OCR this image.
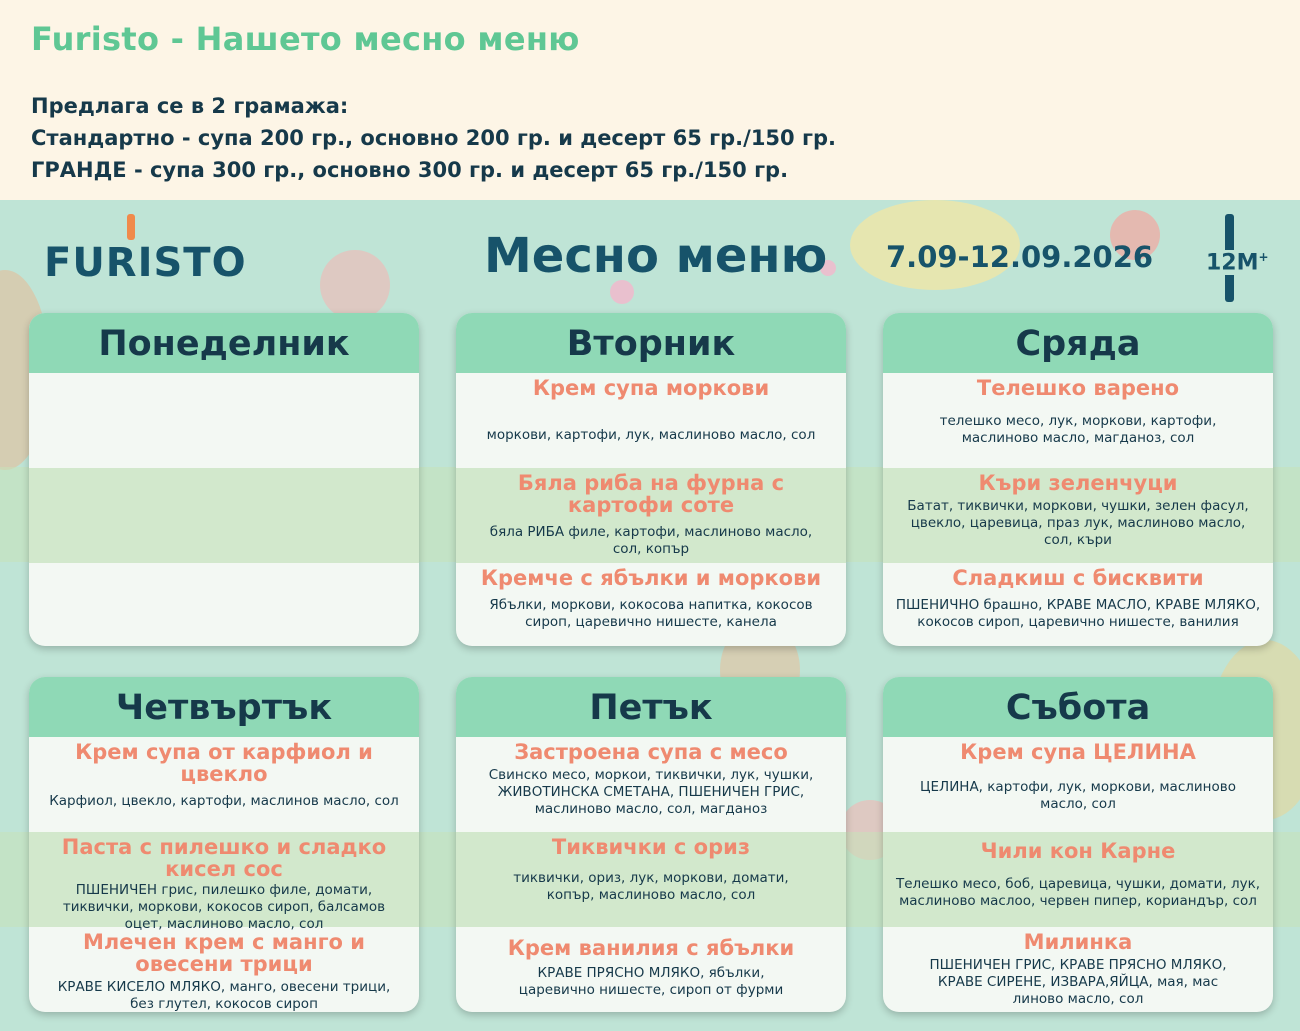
Furisto - Нашето месно меню
Предлага се в 2 грамажа:
Стандартно - супа 200 гр., основно 200 гр. и десерт 65 гр./150 гр.
ГРАНДЕ - супа 300 гр., основно 300 гр. и десерт 65 гр./150 гр.
FURISTO	Месно меню 7.09-12.09.2026 12M+
Понеделник	Вторник
Крем супа моркови
моркови, картофи, лук, маслиново масло, сол
Бяла риба на фурна с картофи соте
бяла РИБА филе, картофи, маслиново масло, сол, копър
Кремче с ябълки и моркови
Ябълки, моркови, кокосова напитка, кокосов сироп, царевично нишесте, канела
Сряда
Телешко варено
телешко месо, лук, моркови, картофи, маслиново масло, магданоз, сол
Къри зеленчуци
Батат, тиквички, моркови, чушки, зелен фасул, цвекло, царевица, праз лук, маслиново масло, сол, къри
Сладкиш с бисквити
ПШЕНИЧНО брашно, КРАВЕ МАСЛО, КРАВЕ МЛЯКО, кокосов сироп, царевично нишесте, ванилия
Четвъртък
Крем супа от карфиол и цвекло
Карфиол, цвекло, картофи, маслинов масло, сол
Паста с пилешко и сладко кисел сос
ПШЕНИЧЕН грис, пилешко филе, домати, тиквички, моркови, кокосов сироп, балсамов оцет, маслиново масло, сол
Млечен крем с манго и овесени трици
КРАВЕ КИСЕЛО МЛЯКО, манго, овесени трици, без глутел, кокосов сироп
Петък
Застроена супа с месо
Свинско месо, моркои, тиквички, лук, чушки, ЖИВОТИНСКА СМЕТАНА, ПШЕНИЧЕН ГРИС, маслиново масло, сол, магданоз
Тиквички с ориз
тиквички, ориз, лук, моркови, домати, копър, маслиново масло, сол
Крем ванилия с ябълки
КРАВЕ ПРЯСНО МЛЯКО, ябълки, царевично нишесте, сироп от фурми
Събота
Крем супа ЦЕЛИНА
ЦЕЛИНА, картофи, лук, моркови, маслиново масло, сол
Чили кон Карне
Телешко месо, боб, царевица, чушки, домати, лук, маслиново маслоо, червен пипер, кориандър, сол
Милинка
ПШЕНИЧЕН ГРИС, КРАВЕ ПРЯСНО МЛЯКО, КРАВЕ СИРЕНЕ, ИЗВАРА,ЯЙЦА, мая, мас линово масло, сол
